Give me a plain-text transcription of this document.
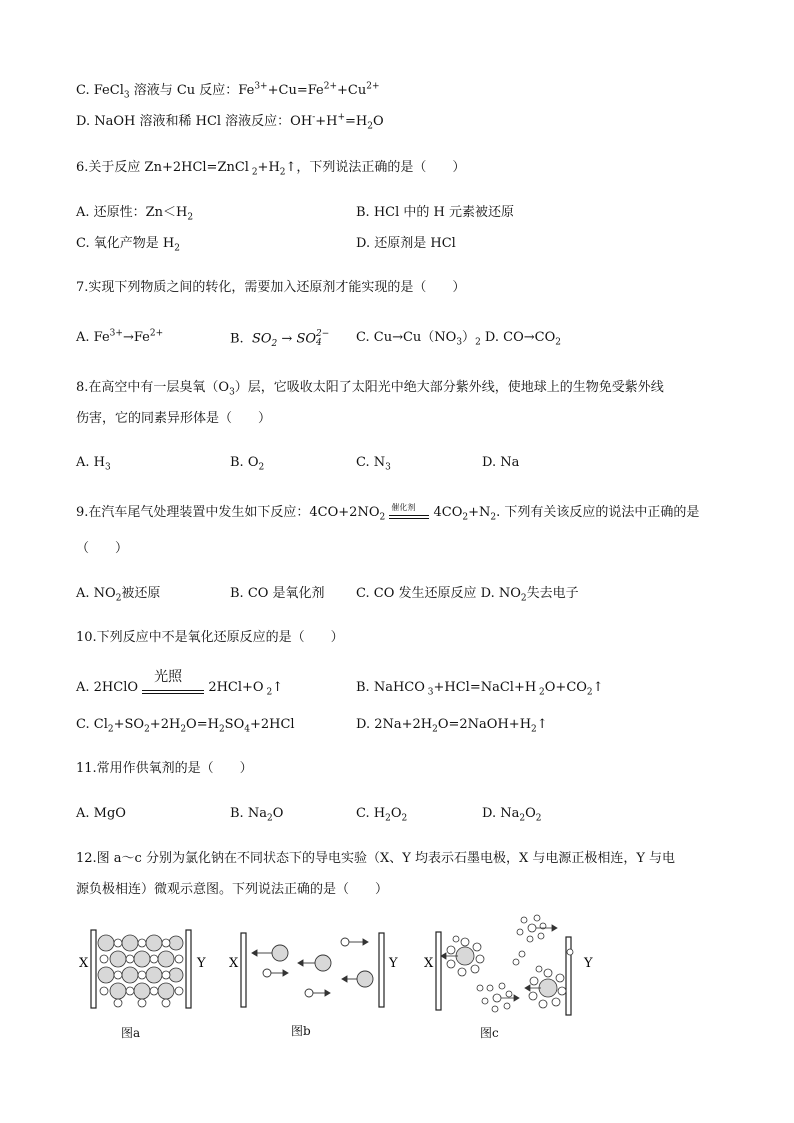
C. FeCl$_3$ 溶液与 Cu 反应：$Fe^{3+}+Cu=Fe^{2+}+Cu^{2+}$
D. NaOH 溶液和稀 HCl 溶液反应：$OH^-+H^+=H_2O$
6.关于反应 Zn+2HCl=ZnCl $_2+H_2↑$，下列说法正确的是（　　）
A. 还原性：$Zn<H_2$	B. HCl 中的 H 元素被还原
C. 氧化产物是 $H_2$	D. 还原剂是 HCl
7.实现下列物质之间的转化，需要加入还原剂才能实现的是（　　）
A. $Fe^{3+}\to Fe^{2+}$	B. $SO_2$ → SO 2−
4	C. $Cu\to Cu(NO_3)_2$ D. $CO\to CO_2$
8.在高空中有一层臭氧$(O_3)$层，它吸收太阳了太阳光中绝大部分紫外线，使地球上的生物免受紫外线
伤害，它的同素异形体是（　　）
A. $H_3$	B. $O_2$	C. $N_3$	D. Na
9.在汽车尾气处理装置中发生如下反应：$4CO+2NO_2$
催化剂 $4CO_2+N_2$. 下列有关该反应的说法中正确的是
（　　）
A. $NO_2$被还原	B. CO 是氧化剂 C. CO 发生还原反应 D. $NO_2$失去电子
10.下列反应中不是氧化还原反应的是（　　）
A. 2HClO
光照
2HCl+O $_2$↑	B. NaHCO $_3$+HCl=NaCl+H $_2O+CO_2↑$
C. $Cl_2+SO_2+2H_2O=H_2SO_4+2HCl$	D. $2Na+2H_2O=2NaOH+H_2↑$
11.常用作供氧剂的是（　　）
A. MgO	B. $Na_2O$	C. $H_2O_2$	D. $Na_2O_2$
12.图 a～c 分别为氯化钠在不同状态下的导电实验（X、Y 均表示石墨电极，X 与电源正极相连，Y 与电
源负极相连）微观示意图。下列说法正确的是（　　）
X	Y
图a
X	Y
图b
X	Y
图c
